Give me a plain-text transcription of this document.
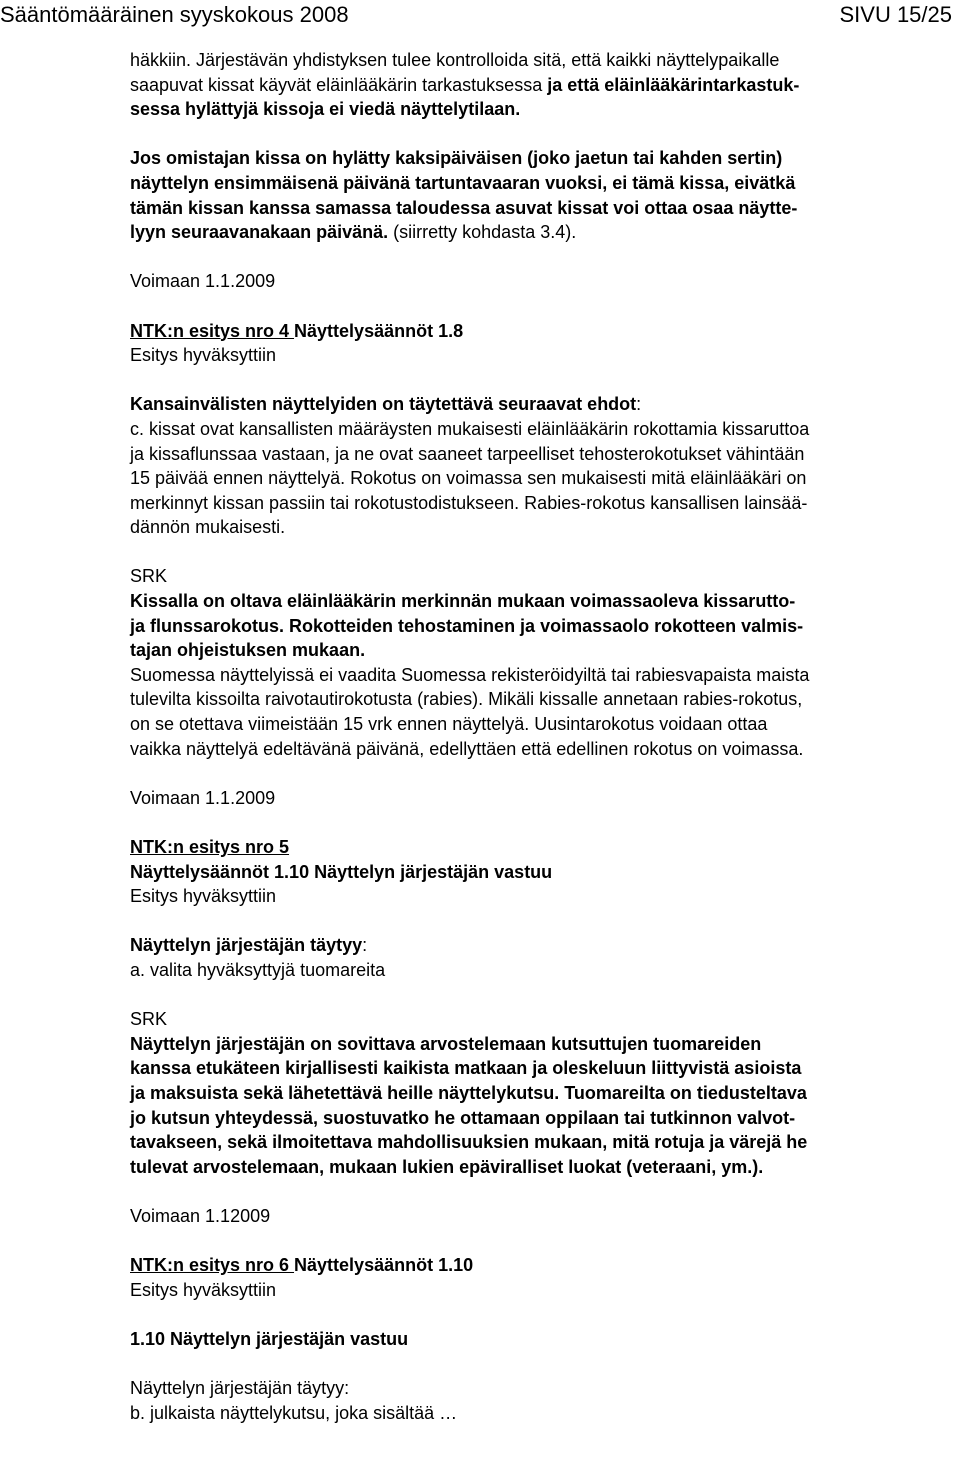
Sääntömääräinen syyskokous 2008	SIVU 15/25

häkkiin. Järjestävän yhdistyksen tulee kontrolloida sitä, että kaikki näyttelypaikalle

saapuvat kissat käyvät eläinlääkärin tarkastuksessa ja että eläinlääkärintarkastuk-

sessa hylättyjä kissoja ei viedä näyttelytilaan.

Jos omistajan kissa on hylätty kaksipäiväisen (joko jaetun tai kahden sertin)

näyttelyn ensimmäisenä päivänä tartuntavaaran vuoksi, ei tämä kissa, eivätkä

tämän kissan kanssa samassa taloudessa asuvat kissat voi ottaa osaa näytte-

lyyn seuraavanakaan päivänä. (siirretty kohdasta 3.4).

Voimaan 1.1.2009

NTK:n esitys nro 4 Näyttelysäännöt 1.8

Esitys hyväksyttiin

Kansainvälisten näyttelyiden on täytettävä seuraavat ehdot:

c. kissat ovat kansallisten määräysten mukaisesti eläinlääkärin rokottamia kissaruttoa

ja kissaflunssaa vastaan, ja ne ovat saaneet tarpeelliset tehosterokotukset vähintään

15 päivää ennen näyttelyä. Rokotus on voimassa sen mukaisesti mitä eläinlääkäri on

merkinnyt kissan passiin tai rokotustodistukseen. Rabies-rokotus kansallisen lainsää-

dännön mukaisesti.

SRK

Kissalla on oltava eläinlääkärin merkinnän mukaan voimassaoleva kissarutto-

ja flunssarokotus. Rokotteiden tehostaminen ja voimassaolo rokotteen valmis-

tajan ohjeistuksen mukaan.

Suomessa näyttelyissä ei vaadita Suomessa rekisteröidyiltä tai rabiesvapaista maista

tulevilta kissoilta raivotautirokotusta (rabies). Mikäli kissalle annetaan rabies-rokotus,

on se otettava viimeistään 15 vrk ennen näyttelyä. Uusintarokotus voidaan ottaa

vaikka näyttelyä edeltävänä päivänä, edellyttäen että edellinen rokotus on voimassa.

Voimaan 1.1.2009

NTK:n esitys nro 5

Näyttelysäännöt 1.10 Näyttelyn järjestäjän vastuu

Esitys hyväksyttiin

Näyttelyn järjestäjän täytyy:

a. valita hyväksyttyjä tuomareita

SRK

Näyttelyn järjestäjän on sovittava arvostelemaan kutsuttujen tuomareiden

kanssa etukäteen kirjallisesti kaikista matkaan ja oleskeluun liittyvistä asioista

ja maksuista sekä lähetettävä heille näyttelykutsu. Tuomareilta on tiedusteltava

jo kutsun yhteydessä, suostuvatko he ottamaan oppilaan tai tutkinnon valvot-

tavakseen, sekä ilmoitettava mahdollisuuksien mukaan, mitä rotuja ja värejä he

tulevat arvostelemaan, mukaan lukien epäviralliset luokat (veteraani, ym.).

Voimaan 1.12009

NTK:n esitys nro 6 Näyttelysäännöt 1.10

Esitys hyväksyttiin

1.10 Näyttelyn järjestäjän vastuu

Näyttelyn järjestäjän täytyy:

b. julkaista näyttelykutsu, joka sisältää …
